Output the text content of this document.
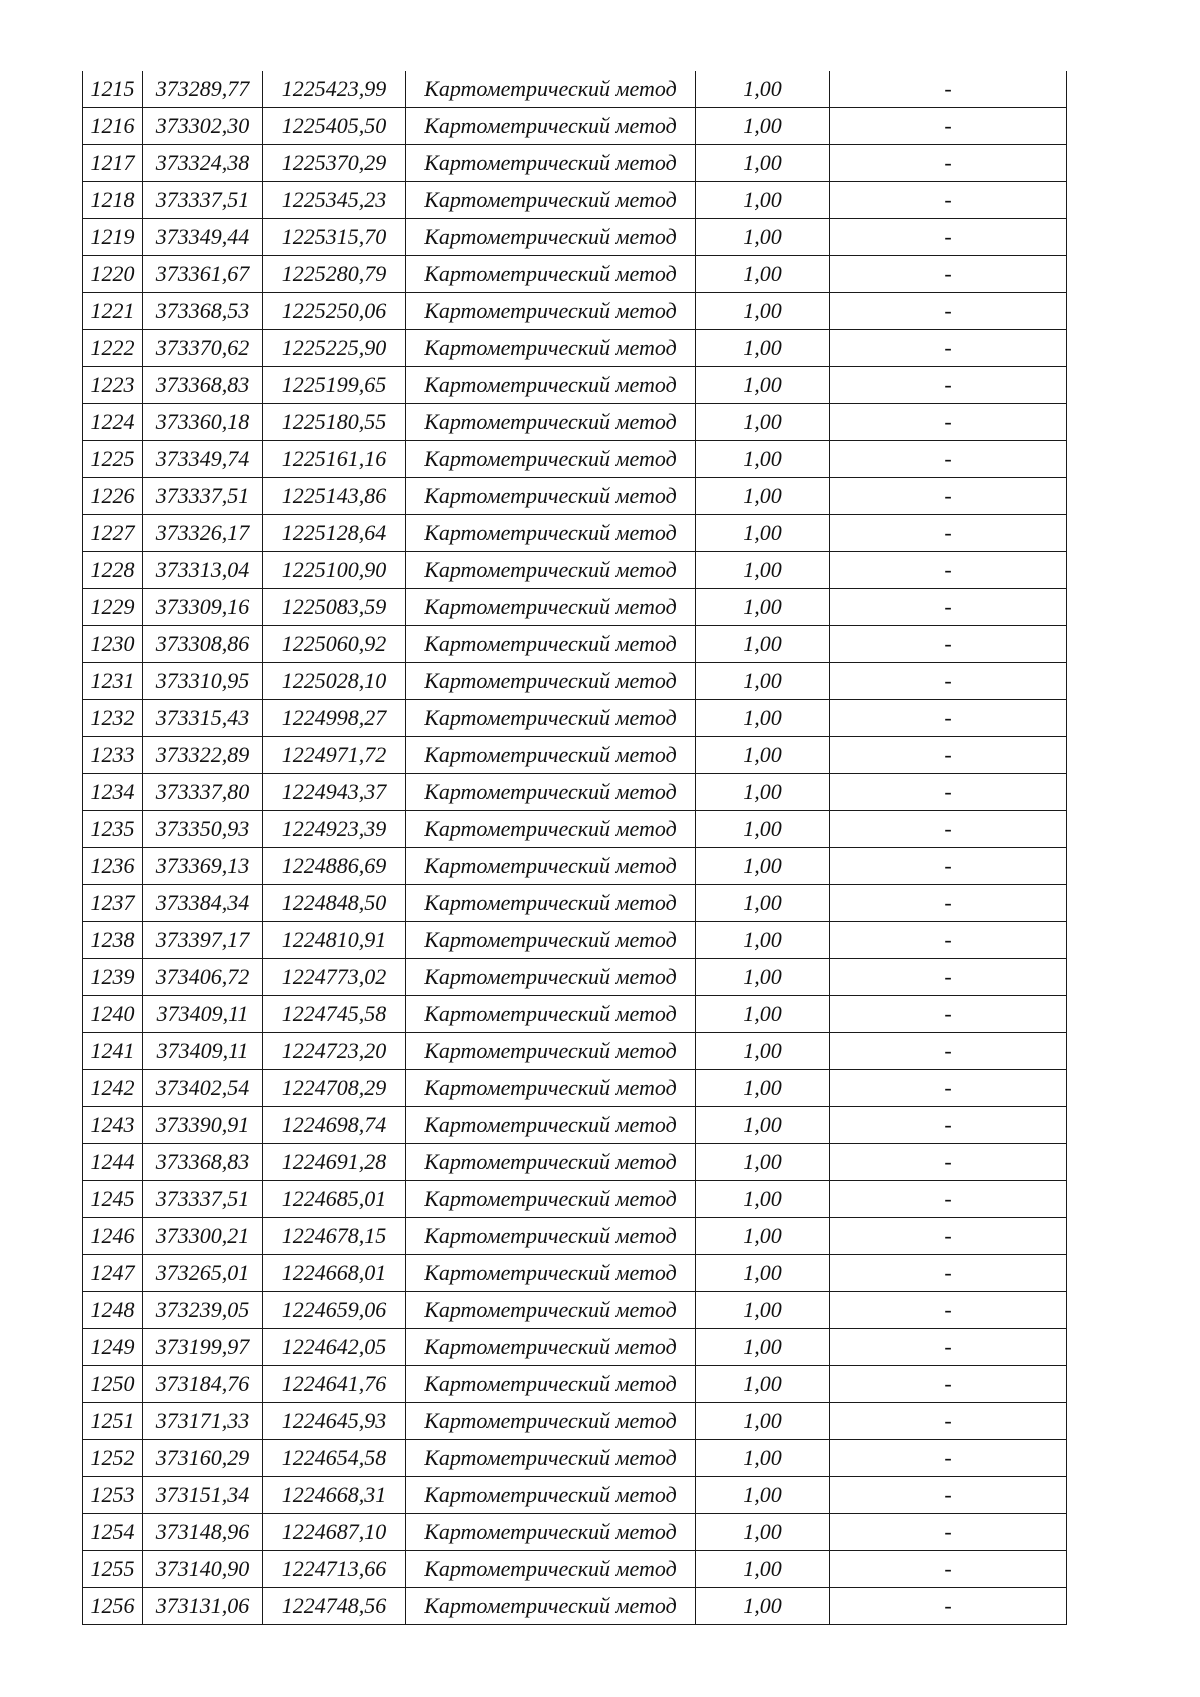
1215	373289,77	1225423,99	Картометрический метод	1,00	-
1216	373302,30	1225405,50	Картометрический метод	1,00	-
1217	373324,38	1225370,29	Картометрический метод	1,00	-
1218	373337,51	1225345,23	Картометрический метод	1,00	-
1219	373349,44	1225315,70	Картометрический метод	1,00	-
1220	373361,67	1225280,79	Картометрический метод	1,00	-
1221	373368,53	1225250,06	Картометрический метод	1,00	-
1222	373370,62	1225225,90	Картометрический метод	1,00	-
1223	373368,83	1225199,65	Картометрический метод	1,00	-
1224	373360,18	1225180,55	Картометрический метод	1,00	-
1225	373349,74	1225161,16	Картометрический метод	1,00	-
1226	373337,51	1225143,86	Картометрический метод	1,00	-
1227	373326,17	1225128,64	Картометрический метод	1,00	-
1228	373313,04	1225100,90	Картометрический метод	1,00	-
1229	373309,16	1225083,59	Картометрический метод	1,00	-
1230	373308,86	1225060,92	Картометрический метод	1,00	-
1231	373310,95	1225028,10	Картометрический метод	1,00	-
1232	373315,43	1224998,27	Картометрический метод	1,00	-
1233	373322,89	1224971,72	Картометрический метод	1,00	-
1234	373337,80	1224943,37	Картометрический метод	1,00	-
1235	373350,93	1224923,39	Картометрический метод	1,00	-
1236	373369,13	1224886,69	Картометрический метод	1,00	-
1237	373384,34	1224848,50	Картометрический метод	1,00	-
1238	373397,17	1224810,91	Картометрический метод	1,00	-
1239	373406,72	1224773,02	Картометрический метод	1,00	-
1240	373409,11	1224745,58	Картометрический метод	1,00	-
1241	373409,11	1224723,20	Картометрический метод	1,00	-
1242	373402,54	1224708,29	Картометрический метод	1,00	-
1243	373390,91	1224698,74	Картометрический метод	1,00	-
1244	373368,83	1224691,28	Картометрический метод	1,00	-
1245	373337,51	1224685,01	Картометрический метод	1,00	-
1246	373300,21	1224678,15	Картометрический метод	1,00	-
1247	373265,01	1224668,01	Картометрический метод	1,00	-
1248	373239,05	1224659,06	Картометрический метод	1,00	-
1249	373199,97	1224642,05	Картометрический метод	1,00	-
1250	373184,76	1224641,76	Картометрический метод	1,00	-
1251	373171,33	1224645,93	Картометрический метод	1,00	-
1252	373160,29	1224654,58	Картометрический метод	1,00	-
1253	373151,34	1224668,31	Картометрический метод	1,00	-
1254	373148,96	1224687,10	Картометрический метод	1,00	-
1255	373140,90	1224713,66	Картометрический метод	1,00	-
1256	373131,06	1224748,56	Картометрический метод	1,00	-
